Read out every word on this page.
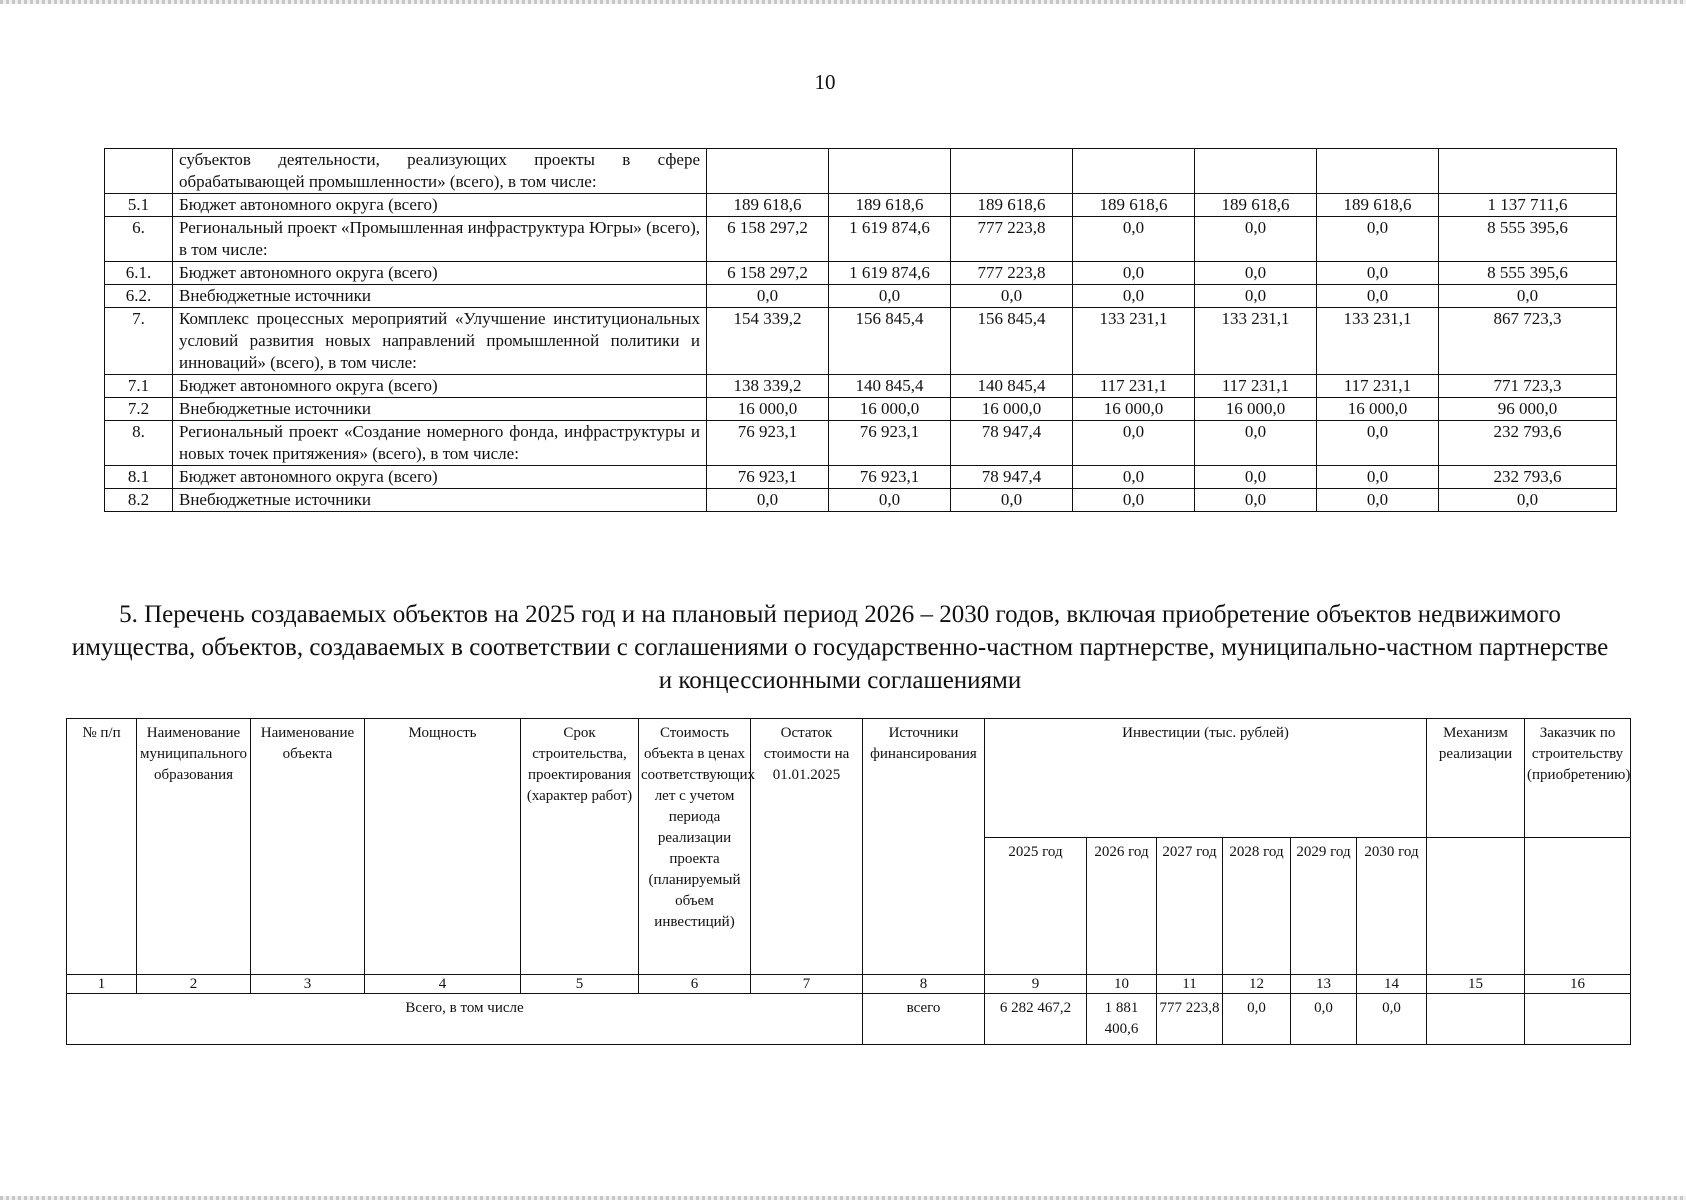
10
	субъектов деятельности, реализующих проекты в сфере обрабатывающей промышленности» (всего), в том числе:							
5.1	Бюджет автономного округа (всего)	189 618,6	189 618,6	189 618,6	189 618,6	189 618,6	189 618,6	1 137 711,6
6.	Региональный проект «Промышленная инфраструктура Югры» (всего), в том числе:	6 158 297,2	1 619 874,6	777 223,8	0,0	0,0	0,0	8 555 395,6
6.1.	Бюджет автономного округа (всего)	6 158 297,2	1 619 874,6	777 223,8	0,0	0,0	0,0	8 555 395,6
6.2.	Внебюджетные источники	0,0	0,0	0,0	0,0	0,0	0,0	0,0
7.	Комплекс процессных мероприятий «Улучшение институциональных условий развития новых направлений промышленной политики и инноваций» (всего), в том числе:	154 339,2	156 845,4	156 845,4	133 231,1	133 231,1	133 231,1	867 723,3
7.1	Бюджет автономного округа (всего)	138 339,2	140 845,4	140 845,4	117 231,1	117 231,1	117 231,1	771 723,3
7.2	Внебюджетные источники	16 000,0	16 000,0	16 000,0	16 000,0	16 000,0	16 000,0	96 000,0
8.	Региональный проект «Создание номерного фонда, инфраструктуры и новых точек притяжения» (всего), в том числе:	76 923,1	76 923,1	78 947,4	0,0	0,0	0,0	232 793,6
8.1	Бюджет автономного округа (всего)	76 923,1	76 923,1	78 947,4	0,0	0,0	0,0	232 793,6
8.2	Внебюджетные источники	0,0	0,0	0,0	0,0	0,0	0,0	0,0
5. Перечень создаваемых объектов на 2025 год и на плановый период 2026 – 2030 годов, включая приобретение объектов недвижимого имущества, объектов, создаваемых в соответствии с соглашениями о государственно-частном партнерстве, муниципально-частном партнерстве и концессионными соглашениями
№ п/п	Наименование муниципального образования	Наименование объекта	Мощность	Срок строительства, проектирования (характер работ)	Стоимость объекта в ценах соответствующих лет с учетом периода реализации проекта (планируемый объем инвестиций)	Остаток стоимости на 01.01.2025	Источники финансирования	Инвестиции (тыс. рублей)						Механизм реализации	Заказчик по строительству (приобретению)
								2025 год	2026 год	2027 год	2028 год	2029 год	2030 год		
1	2	3	4	5	6	7	8	9	10	11	12	13	14	15	16
Всего, в том числе							всего	6 282 467,2	1 881 400,6	777 223,8	0,0	0,0	0,0		
